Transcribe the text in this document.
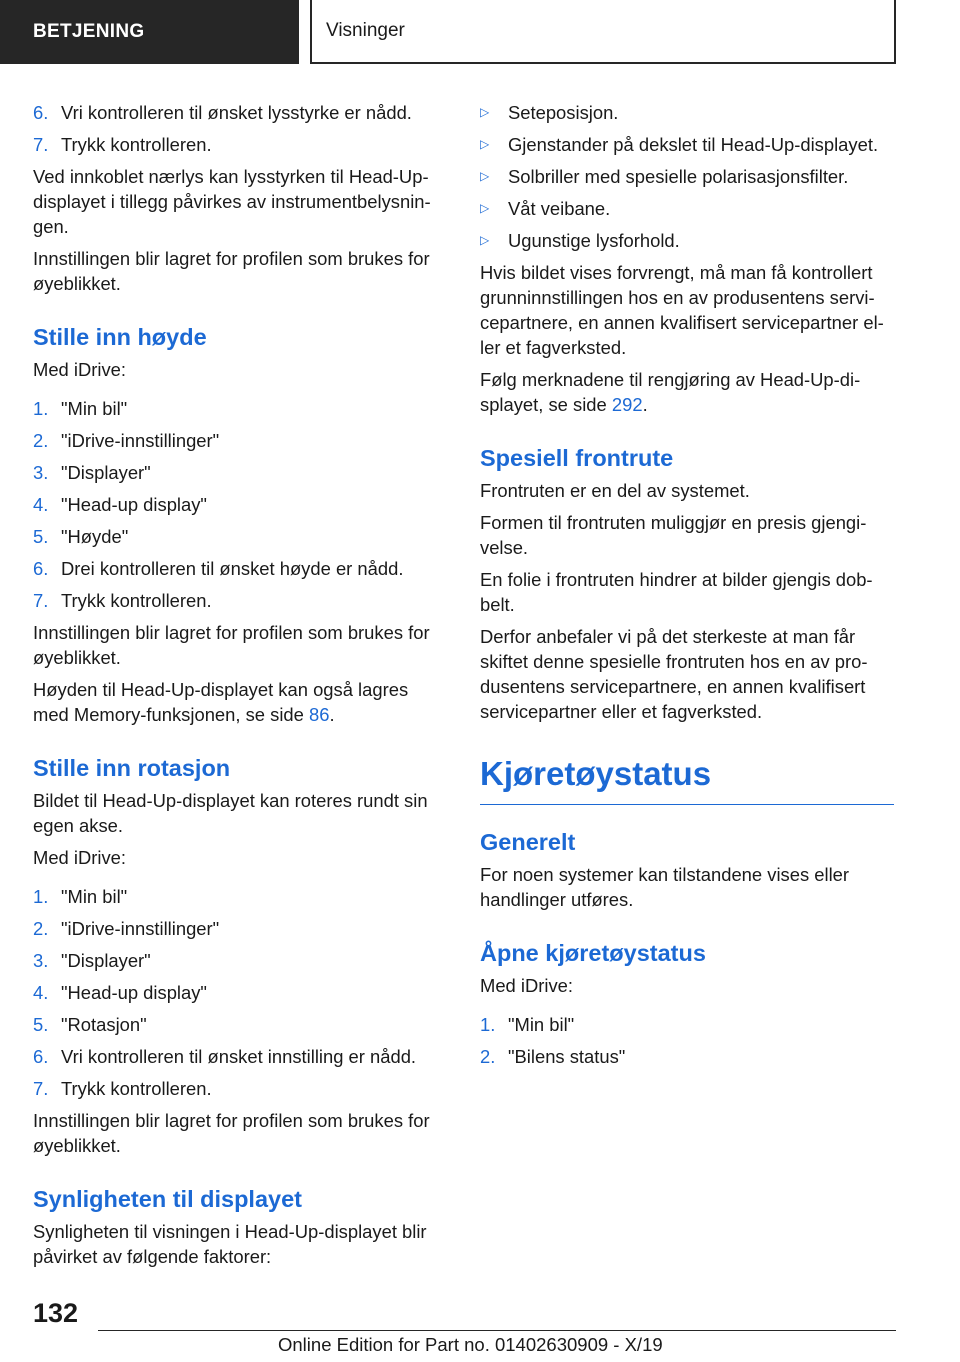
BETJENING	Visninger
6. Vri kontrolleren til ønsket lysstyrke er nådd.
7. Trykk kontrolleren.

Ved innkoblet nærlys kan lysstyrken til Head-Up-displayet i tillegg påvirkes av instrumentbelysnin-gen.

Innstillingen blir lagret for profilen som brukes for øyeblikket.

Stille inn høyde

Med iDrive:

1. "Min bil"
2. "iDrive-innstillinger"
3. "Displayer"
4. "Head-up display"
5. "Høyde"
6. Drei kontrolleren til ønsket høyde er nådd.
7. Trykk kontrolleren.

Innstillingen blir lagret for profilen som brukes for øyeblikket.

Høyden til Head-Up-displayet kan også lagres med Memory-funksjonen, se side 86.

Stille inn rotasjon

Bildet til Head-Up-displayet kan roteres rundt sin egen akse.

Med iDrive:

1. "Min bil"
2. "iDrive-innstillinger"
3. "Displayer"
4. "Head-up display"
5. "Rotasjon"
6. Vri kontrolleren til ønsket innstilling er nådd.
7. Trykk kontrolleren.

Innstillingen blir lagret for profilen som brukes for øyeblikket.

Synligheten til displayet

Synligheten til visningen i Head-Up-displayet blir påvirket av følgende faktorer:

▷	Seteposisjon.
▷	Gjenstander på dekslet til Head-Up-displayet.
▷	Solbriller med spesielle polarisasjonsfilter.
▷	Våt veibane.
▷	Ugunstige lysforhold.

Hvis bildet vises forvrengt, må man få kontrollert grunninnstillingen hos en av produsentens servi-cepartnere, en annen kvalifisert servicepartner el-ler et fagverksted.

Følg merknadene til rengjøring av Head-Up-di-splayet, se side 292.

Spesiell frontrute

Frontruten er en del av systemet.

Formen til frontruten muliggjør en presis gjengi-velse.

En folie i frontruten hindrer at bilder gjengis dob-belt.

Derfor anbefaler vi på det sterkeste at man får skiftet denne spesielle frontruten hos en av pro-dusentens servicepartnere, en annen kvalifisert servicepartner eller et fagverksted.

Kjøretøystatus
Generelt

For noen systemer kan tilstandene vises eller handlinger utføres.

Åpne kjøretøystatus

Med iDrive:

1. "Min bil"
2. "Bilens status"
132
Online Edition for Part no. 01402630909 - X/19
